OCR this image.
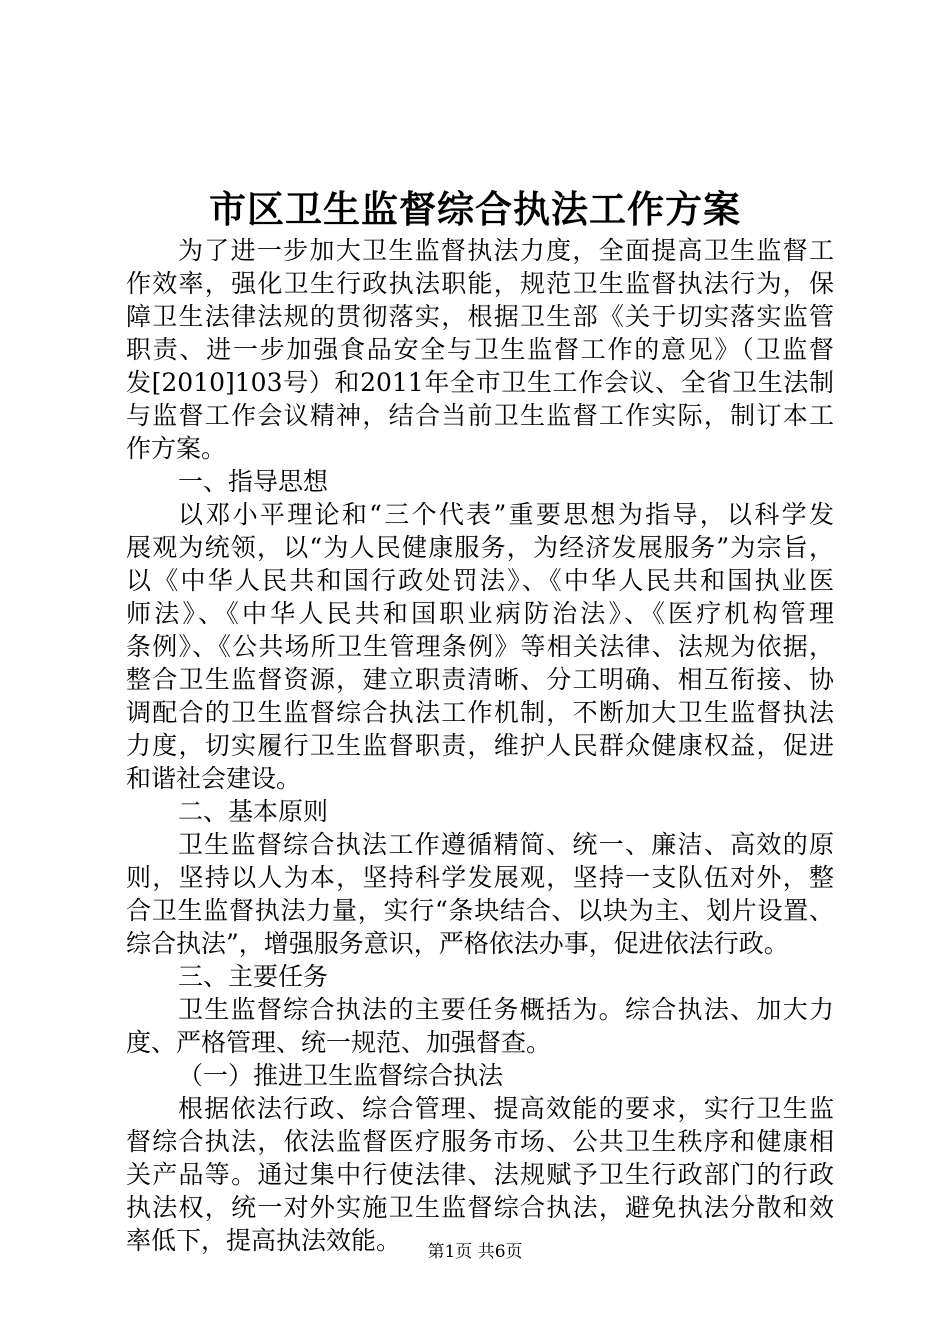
市区卫生监督综合执法工作方案
为了进一步加大卫生监督执法力度，全面提高卫生监督工
作效率，强化卫生行政执法职能，规范卫生监督执法行为，保
障卫生法律法规的贯彻落实，根据卫生部《关于切实落实监管
职责、进一步加强食品安全与卫生监督工作的意见》（卫监督
发[2010]103号）和2011年全市卫生工作会议、全省卫生法制
与监督工作会议精神，结合当前卫生监督工作实际，制订本工
作方案。
一、指导思想
以邓小平理论和“三个代表”重要思想为指导，以科学发
展观为统领，以“为人民健康服务，为经济发展服务”为宗旨，
以《中华人民共和国行政处罚法》、《中华人民共和国执业医
师法》、《中华人民共和国职业病防治法》、《医疗机构管理
条例》、《公共场所卫生管理条例》等相关法律、法规为依据，
整合卫生监督资源，建立职责清晰、分工明确、相互衔接、协
调配合的卫生监督综合执法工作机制，不断加大卫生监督执法
力度，切实履行卫生监督职责，维护人民群众健康权益，促进
和谐社会建设。
二、基本原则
卫生监督综合执法工作遵循精简、统一、廉洁、高效的原
则，坚持以人为本，坚持科学发展观，坚持一支队伍对外，整
合卫生监督执法力量，实行“条块结合、以块为主、划片设置、
综合执法”，增强服务意识，严格依法办事，促进依法行政。
三、主要任务
卫生监督综合执法的主要任务概括为。综合执法、加大力
度、严格管理、统一规范、加强督查。
（一）推进卫生监督综合执法
根据依法行政、综合管理、提高效能的要求，实行卫生监
督综合执法，依法监督医疗服务市场、公共卫生秩序和健康相
关产品等。通过集中行使法律、法规赋予卫生行政部门的行政
执法权，统一对外实施卫生监督综合执法，避免执法分散和效
率低下，提高执法效能。	第1页 共6页
